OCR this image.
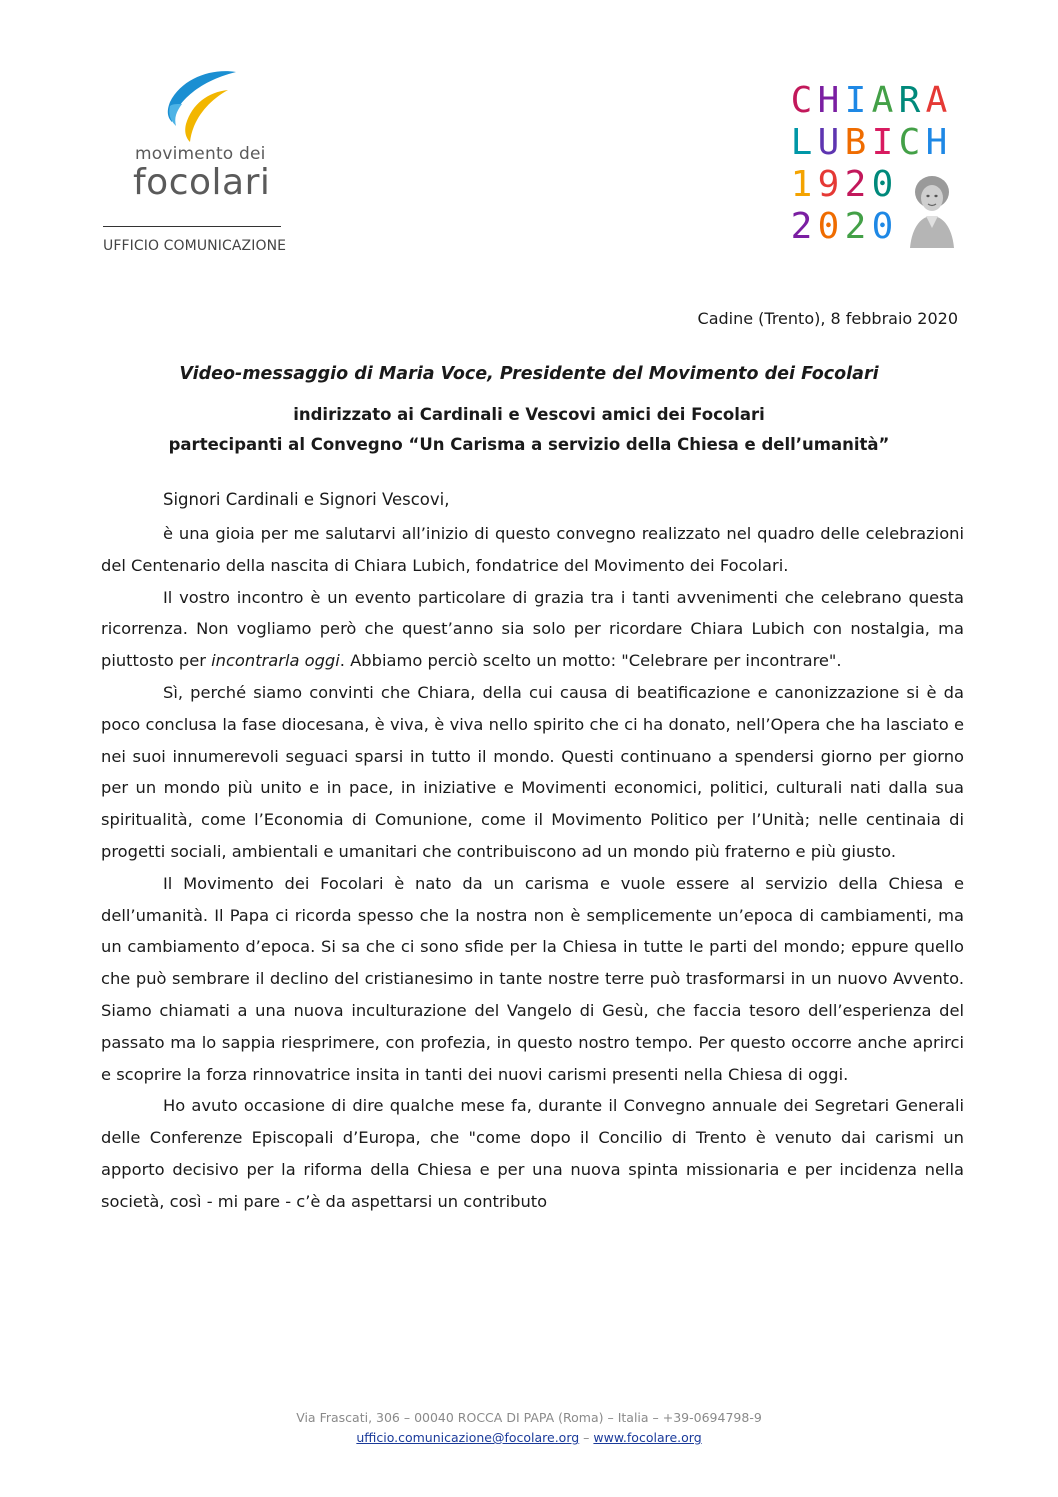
movimento dei
focolari
UFFICIO COMUNICAZIONE
C H I A R A
L U B I C H
1 9 2 0
2 0 2 0
Cadine (Trento), 8 febbraio 2020
Video-messaggio di Maria Voce, Presidente del Movimento dei Focolari
indirizzato ai Cardinali e Vescovi amici dei Focolari
partecipanti al Convegno “Un Carisma a servizio della Chiesa e dell’umanità”
Signori Cardinali e Signori Vescovi,

è una gioia per me salutarvi all’inizio di questo convegno realizzato nel quadro delle celebrazioni del Centenario della nascita di Chiara Lubich, fondatrice del Movimento dei Focolari.

Il vostro incontro è un evento particolare di grazia tra i tanti avvenimenti che celebrano questa ricorrenza. Non vogliamo però che quest’anno sia solo per ricordare Chiara Lubich con nostalgia, ma piuttosto per incontrarla oggi. Abbiamo perciò scelto un motto: "Celebrare per incontrare".

Sì, perché siamo convinti che Chiara, della cui causa di beatificazione e canonizzazione si è da poco conclusa la fase diocesana, è viva, è viva nello spirito che ci ha donato, nell’Opera che ha lasciato e nei suoi innumerevoli seguaci sparsi in tutto il mondo. Questi continuano a spendersi giorno per giorno per un mondo più unito e in pace, in iniziative e Movimenti economici, politici, culturali nati dalla sua spiritualità, come l’Economia di Comunione, come il Movimento Politico per l’Unità; nelle centinaia di progetti sociali, ambientali e umanitari che contribuiscono ad un mondo più fraterno e più giusto.

Il Movimento dei Focolari è nato da un carisma e vuole essere al servizio della Chiesa e dell’umanità. Il Papa ci ricorda spesso che la nostra non è semplicemente un’epoca di cambiamenti, ma un cambiamento d’epoca. Si sa che ci sono sfide per la Chiesa in tutte le parti del mondo; eppure quello che può sembrare il declino del cristianesimo in tante nostre terre può trasformarsi in un nuovo Avvento. Siamo chiamati a una nuova inculturazione del Vangelo di Gesù, che faccia tesoro dell’esperienza del passato ma lo sappia riesprimere, con profezia, in questo nostro tempo. Per questo occorre anche aprirci e scoprire la forza rinnovatrice insita in tanti dei nuovi carismi presenti nella Chiesa di oggi.

Ho avuto occasione di dire qualche mese fa, durante il Convegno annuale dei Segretari Generali delle Conferenze Episcopali d’Europa, che "come dopo il Concilio di Trento è venuto dai carismi un apporto decisivo per la riforma della Chiesa e per una nuova spinta missionaria e per incidenza nella società, così - mi pare - c’è da aspettarsi un contributo

Via Frascati, 306 – 00040 ROCCA DI PAPA (Roma) – Italia – +39-0694798-9
ufficio.comunicazione@focolare.org – www.focolare.org
